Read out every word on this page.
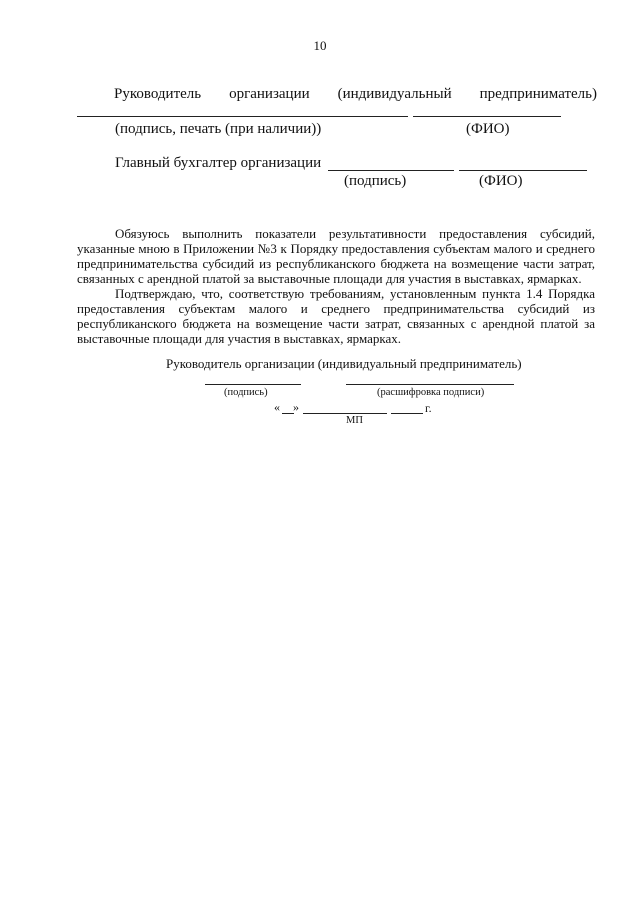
10
Руководитель организации (индивидуальный предприниматель)
(подпись, печать (при наличии))	(ФИО)
Главный бухгалтер организации
(подпись)	(ФИО)
Обязуюсь выполнить показатели результативности предоставления субсидий, указанные мною в Приложении №3 к Порядку предоставления субъектам малого и среднего предпринимательства субсидий из республиканского бюджета на возмещение части затрат, связанных с арендной платой за выставочные площади для участия в выставках, ярмарках.
Подтверждаю, что, соответствую требованиям, установленным пункта 1.4 Порядка предоставления субъектам малого и среднего предпринимательства субсидий из республиканского бюджета на возмещение части затрат, связанных с арендной платой за выставочные площади для участия в выставках, ярмарках.
Руководитель организации (индивидуальный предприниматель)
(подпись)	(расшифровка подписи)
« »	г.
МП
